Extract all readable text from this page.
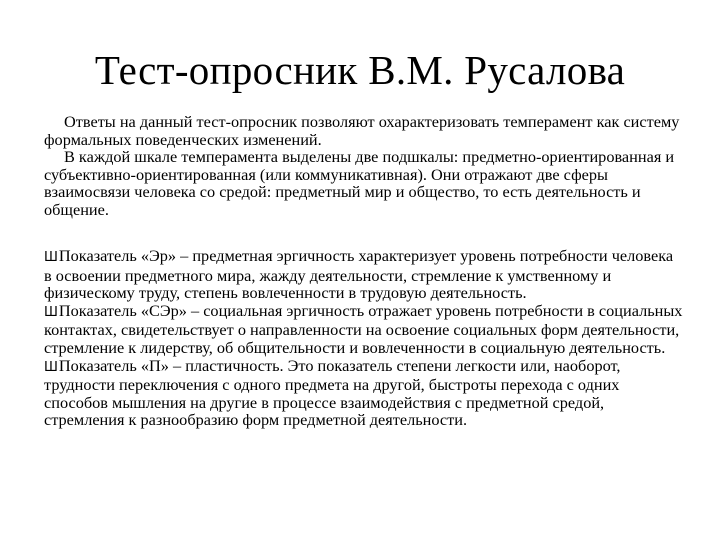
Тест-опросник В.М. Русалова

Ответы на данный тест-опросник позволяют охарактеризовать темперамент как систему формальных поведенческих изменений.

В каждой шкале темперамента выделены две подшкалы: предметно-ориентированная и субъективно-ориентированная (или коммуникативная). Они отражают две сферы взаимосвязи человека со средой: предметный мир и общество, то есть деятельность и общение.

ШПоказатель «Эр» – предметная эргичность характеризует уровень потребности человека в освоении предметного мира, жажду деятельности, стремление к умственному и физическому труду, степень вовлеченности в трудовую деятельность.

ШПоказатель «СЭр» – социальная эргичность отражает уровень потребности в социальных контактах, свидетельствует о направленности на освоение социальных форм деятельности, стремление к лидерству, об общительности и вовлеченности в социальную деятельность.

ШПоказатель «П» – пластичность. Это показатель степени легкости или, наоборот, трудности переключения с одного предмета на другой, быстроты перехода с одних способов мышления на другие в процессе взаимодействия с предметной средой, стремления к разнообразию форм предметной деятельности.
